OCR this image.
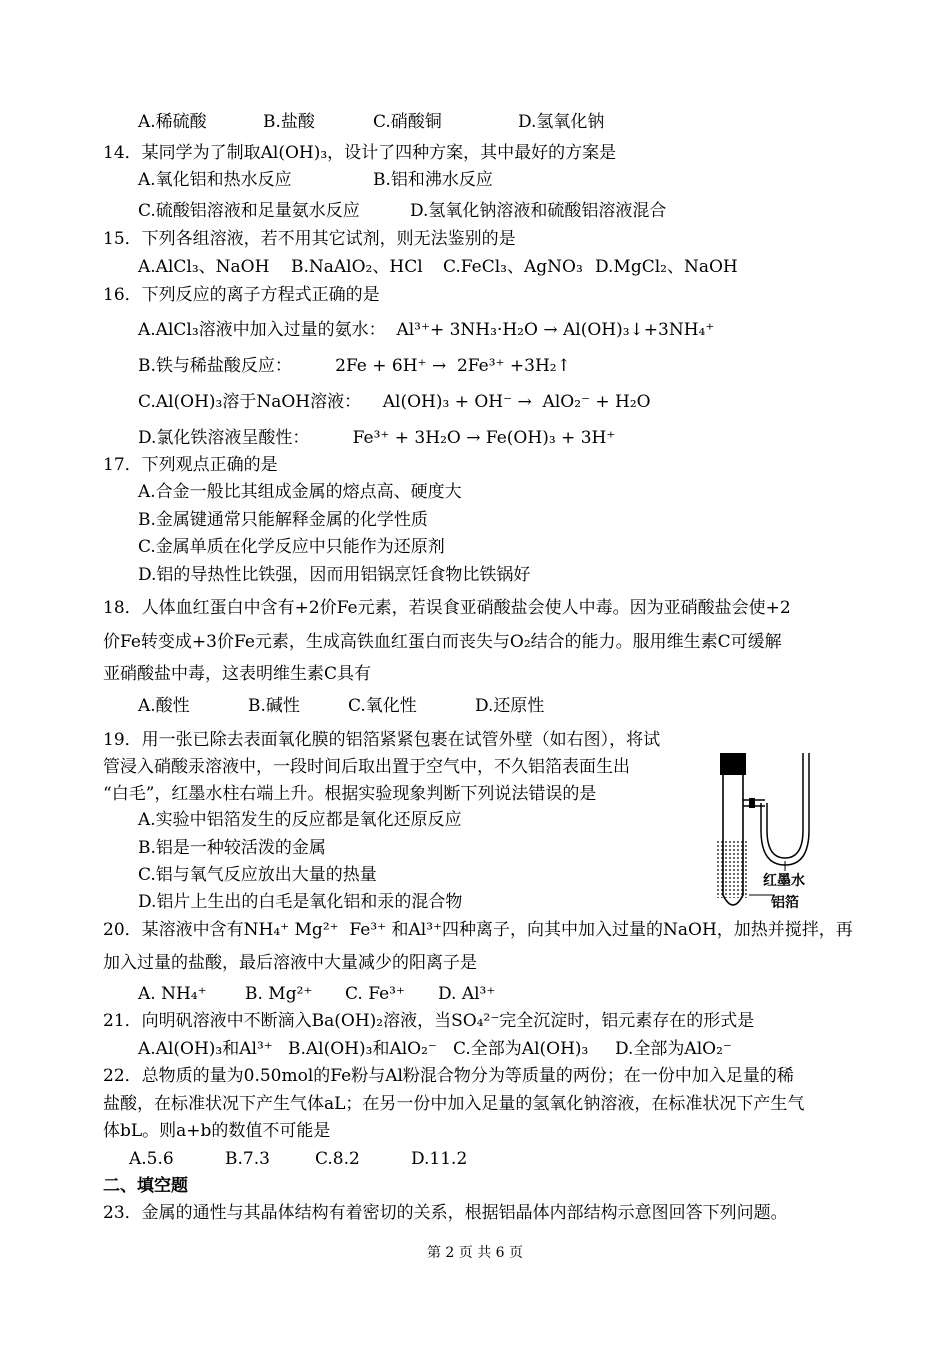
A.稀硫酸	B.盐酸	C.硝酸铜	D.氢氧化钠
14．某同学为了制取Al(OH)₃，设计了四种方案，其中最好的方案是
A.氧化铝和热水反应	B.铝和沸水反应
C.硫酸铝溶液和足量氨水反应	D.氢氧化钠溶液和硫酸铝溶液混合
15．下列各组溶液，若不用其它试剂，则无法鉴别的是
A.AlCl₃、NaOH B.NaAlO₂、HCl C.FeCl₃、AgNO₃ D.MgCl₂、NaOH
16．下列反应的离子方程式正确的是
A.AlCl₃溶液中加入过量的氨水：  Al³⁺+ 3NH₃·H₂O → Al(OH)₃↓+3NH₄⁺
B.铁与稀盐酸反应：        2Fe + 6H⁺ →  2Fe³⁺ +3H₂↑
C.Al(OH)₃溶于NaOH溶液：    Al(OH)₃ + OH⁻ →  AlO₂⁻ + H₂O
D.氯化铁溶液呈酸性：        Fe³⁺ + 3H₂O → Fe(OH)₃ + 3H⁺
17．下列观点正确的是
A.合金一般比其组成金属的熔点高、硬度大
B.金属键通常只能解释金属的化学性质
C.金属单质在化学反应中只能作为还原剂
D.铝的导热性比铁强，因而用铝锅烹饪食物比铁锅好
18．人体血红蛋白中含有+2价Fe元素，若误食亚硝酸盐会使人中毒。因为亚硝酸盐会使+2
价Fe转变成+3价Fe元素，生成高铁血红蛋白而丧失与O₂结合的能力。服用维生素C可缓解
亚硝酸盐中毒，这表明维生素C具有
A.酸性	B.碱性	C.氧化性	D.还原性
19．用一张已除去表面氧化膜的铝箔紧紧包裹在试管外壁（如右图），将试
管浸入硝酸汞溶液中，一段时间后取出置于空气中，不久铝箔表面生出
“白毛”，红墨水柱右端上升。根据实验现象判断下列说法错误的是
A.实验中铝箔发生的反应都是氧化还原反应
B.铝是一种较活泼的金属
C.铝与氧气反应放出大量的热量
D.铝片上生出的白毛是氧化铝和汞的混合物
红墨水
铝箔
20．某溶液中含有NH₄⁺ Mg²⁺  Fe³⁺ 和Al³⁺四种离子，向其中加入过量的NaOH，加热并搅拌，再
加入过量的盐酸，最后溶液中大量减少的阳离子是
A. NH₄⁺ B. Mg²⁺ C. Fe³⁺ D. Al³⁺
21．向明矾溶液中不断滴入Ba(OH)₂溶液，当SO₄²⁻完全沉淀时，铝元素存在的形式是
A.Al(OH)₃和Al³⁺ B.Al(OH)₃和AlO₂⁻ C.全部为Al(OH)₃ D.全部为AlO₂⁻
22．总物质的量为0.50mol的Fe粉与Al粉混合物分为等质量的两份；在一份中加入足量的稀
盐酸，在标准状况下产生气体aL；在另一份中加入足量的氢氧化钠溶液，在标准状况下产生气
体bL。则a+b的数值不可能是
A.5.6	B.7.3	C.8.2	D.11.2
二、填空题
23．金属的通性与其晶体结构有着密切的关系，根据铝晶体内部结构示意图回答下列问题。
第 2 页 共 6 页
